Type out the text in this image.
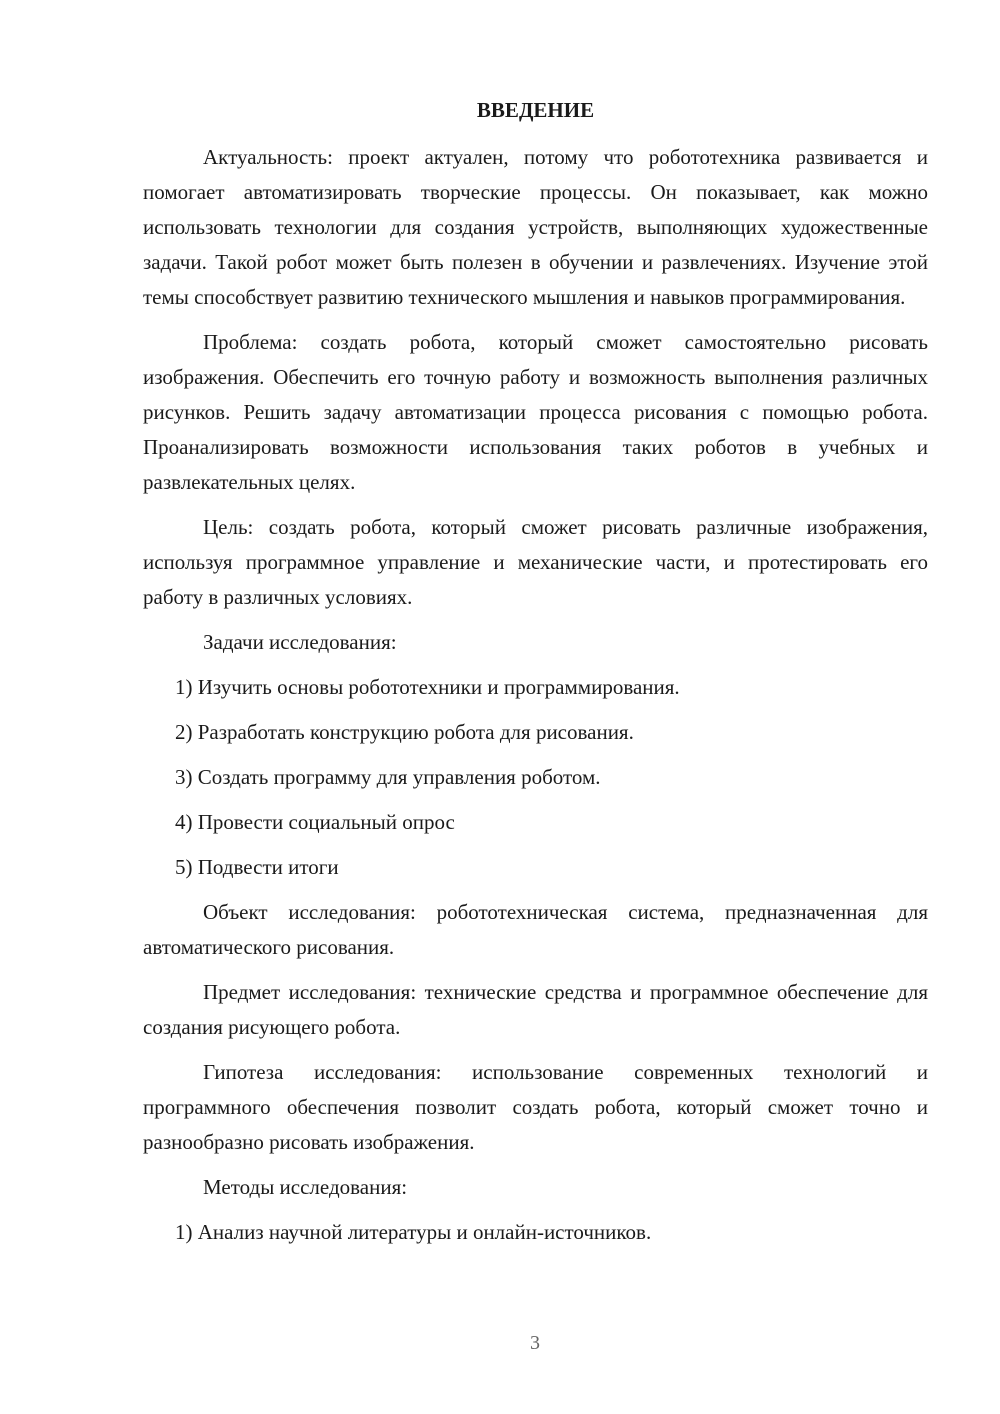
ВВЕДЕНИЕ

Актуальность: проект актуален, потому что робототехника развивается и помогает автоматизировать творческие процессы. Он показывает, как можно использовать технологии для создания устройств, выполняющих художественные задачи. Такой робот может быть полезен в обучении и развлечениях. Изучение этой темы способствует развитию технического мышления и навыков программирования.

Проблема: создать робота, который сможет самостоятельно рисовать изображения. Обеспечить его точную работу и возможность выполнения различных рисунков. Решить задачу автоматизации процесса рисования с помощью робота. Проанализировать возможности использования таких роботов в учебных и развлекательных целях.

Цель: создать робота, который сможет рисовать различные изображения, используя программное управление и механические части, и протестировать его работу в различных условиях.

Задачи исследования:
1) Изучить основы робототехники и программирования.
2) Разработать конструкцию робота для рисования.
3) Создать программу для управления роботом.
4) Провести социальный опрос
5) Подвести итоги

Объект исследования: робототехническая система, предназначенная для автоматического рисования.

Предмет исследования: технические средства и программное обеспечение для создания рисующего робота.

Гипотеза исследования: использование современных технологий и программного обеспечения позволит создать робота, который сможет точно и разнообразно рисовать изображения.

Методы исследования:
1) Анализ научной литературы и онлайн-источников.
3
